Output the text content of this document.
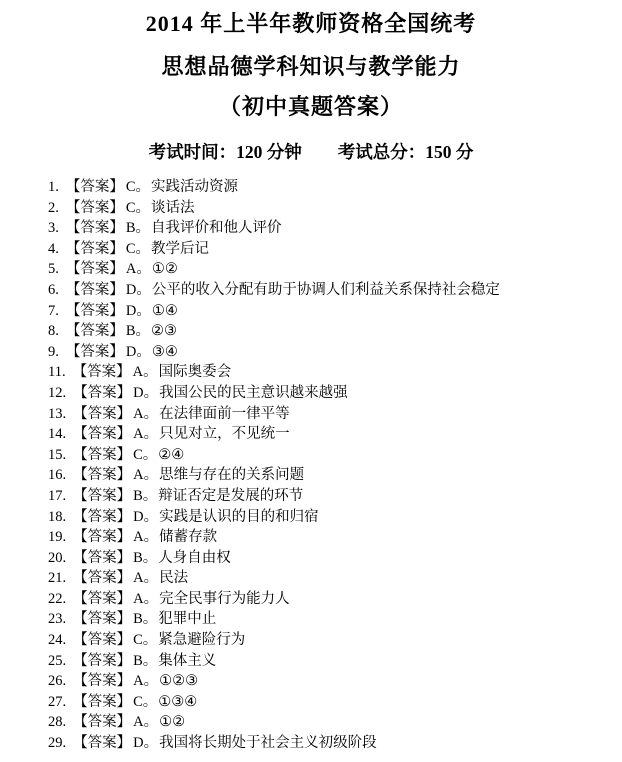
2014 年上半年教师资格全国统考
思想品德学科知识与教学能力
（初中真题答案）
考试时间：120 分钟 考试总分：150 分
1. 【答案】 C。实践活动资源
2. 【答案】 C。谈话法
3. 【答案】 B。自我评价和他人评价
4. 【答案】 C。教学后记
5. 【答案】 A。①②
6. 【答案】 D。公平的收入分配有助于协调人们利益关系保持社会稳定
7. 【答案】 D。①④
8. 【答案】 B。②③
9. 【答案】 D。③④
11. 【答案】 A。国际奥委会
12. 【答案】 D。我国公民的民主意识越来越强
13. 【答案】 A。在法律面前一律平等
14. 【答案】 A。只见对立，不见统一
15. 【答案】 C。②④
16. 【答案】 A。思维与存在的关系问题
17. 【答案】 B。辩证否定是发展的环节
18. 【答案】 D。实践是认识的目的和归宿
19. 【答案】 A。储蓄存款
20. 【答案】 B。人身自由权
21. 【答案】 A。民法
22. 【答案】 A。完全民事行为能力人
23. 【答案】 B。犯罪中止
24. 【答案】 C。紧急避险行为
25. 【答案】 B。集体主义
26. 【答案】 A。①②③
27. 【答案】 C。①③④
28. 【答案】 A。①②
29. 【答案】 D。我国将长期处于社会主义初级阶段
